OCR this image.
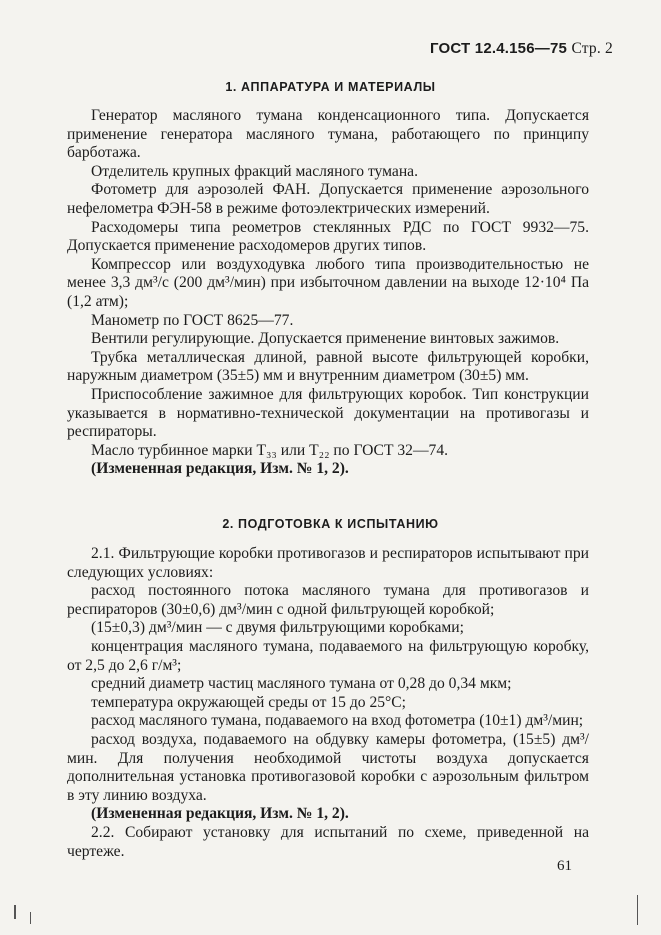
ГОСТ 12.4.156—75 Стр. 2
1. АППАРАТУРА И МАТЕРИАЛЫ

Генератор масляного тумана конденсационного типа. Допускается применение генератора масляного тумана, работающего по принципу барботажа.

Отделитель крупных фракций масляного тумана.

Фотометр для аэрозолей ФАН. Допускается применение аэрозольного нефелометра ФЭН-58 в режиме фотоэлектрических измерений.

Расходомеры типа реометров стеклянных РДС по ГОСТ 9932—75. Допускается применение расходомеров других типов.

Компрессор или воздуходувка любого типа производительностью не менее 3,3 дм³/с (200 дм³/мин) при избыточном давлении на выходе 12·10⁴ Па (1,2 атм);

Манометр по ГОСТ 8625—77.

Вентили регулирующие. Допускается применение винтовых зажимов.

Трубка металлическая длиной, равной высоте фильтрующей коробки, наружным диаметром (35±5) мм и внутренним диаметром (30±5) мм.

Приспособление зажимное для фильтрующих коробок. Тип конструкции указывается в нормативно-технической документации на противогазы и респираторы.

Масло турбинное марки Т₃₃ или Т₂₂ по ГОСТ 32—74.

(Измененная редакция, Изм. № 1, 2).

2. ПОДГОТОВКА К ИСПЫТАНИЮ

2.1. Фильтрующие коробки противогазов и респираторов испытывают при следующих условиях:

расход постоянного потока масляного тумана для противогазов и респираторов (30±0,6) дм³/мин с одной фильтрующей коробкой;

(15±0,3) дм³/мин — с двумя фильтрующими коробками;

концентрация масляного тумана, подаваемого на фильтрующую коробку, от 2,5 до 2,6 г/м³;

средний диаметр частиц масляного тумана от 0,28 до 0,34 мкм;

температура окружающей среды от 15 до 25°С;

расход масляного тумана, подаваемого на вход фотометра (10±1) дм³/мин;

расход воздуха, подаваемого на обдувку камеры фотометра, (15±5) дм³/мин. Для получения необходимой чистоты воздуха допускается дополнительная установка противогазовой коробки с аэрозольным фильтром в эту линию воздуха.

(Измененная редакция, Изм. № 1, 2).

2.2. Собирают установку для испытаний по схеме, приведенной на чертеже.

61
